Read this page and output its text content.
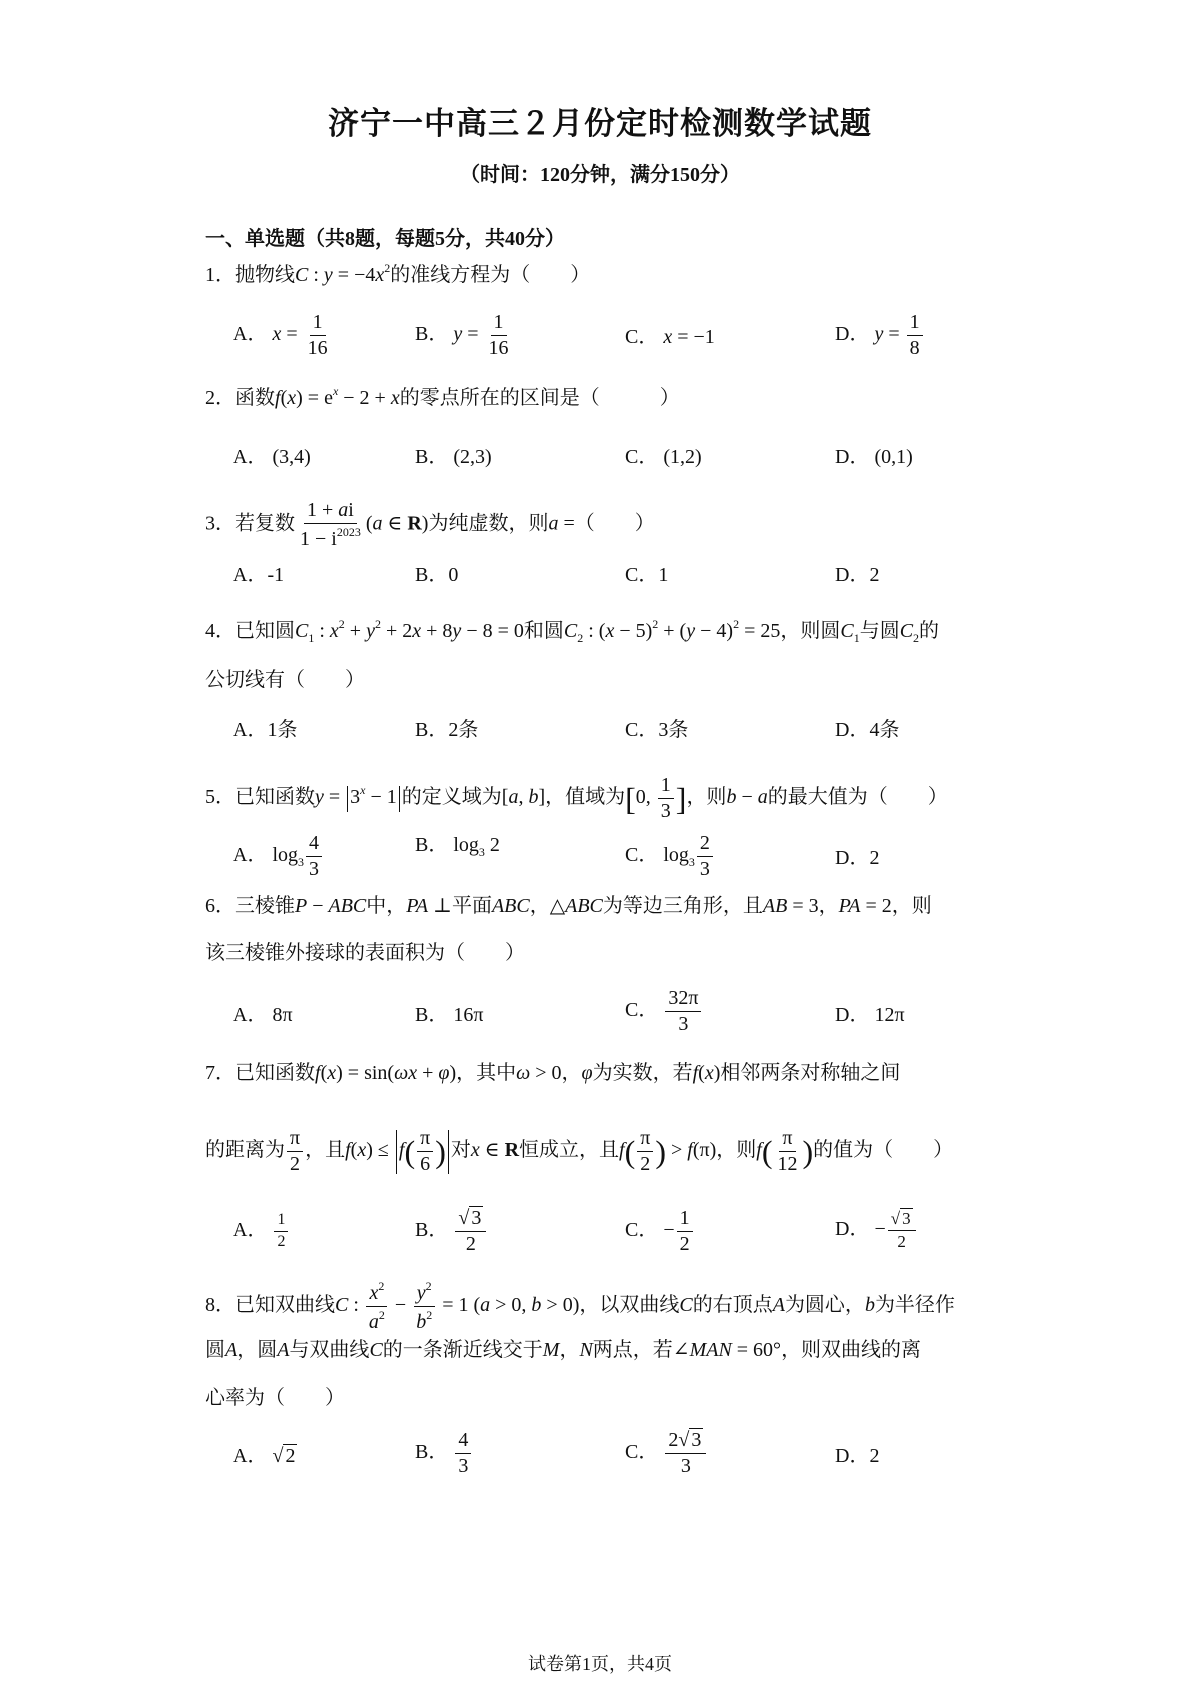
济宁一中高三２月份定时检测数学试题
（时间：120分钟，满分150分）
一、单选题（共8题，每题5分，共40分）
1．抛物线C : $y = -4x^2$的准线方程为（　　）
A． $x = \frac{1}{16}$	B． $y = \frac{1}{16}$	C． x = −1	D． $y = \frac{1}{8}$
2．函数$f(x) = e^x - 2 + x$的零点所在的区间是（　　　）
A． (3,4)	B． (2,3)	C． (1,2)	D． (0,1)
3．若复数 $\frac{1 + ai}{1 - i^{2023}} (a$ ∈ R)为纯虚数，则a =（　　）
A．-1	B．0	C．1	D．2
4．已知圆$C_1$ : $x^2 + y^2 + 2x + 8y - 8 = 0$和圆$C_2$ : $(x - 5)^2 + (y - 4)^2 = 25$，则圆$C_1$与圆$C_2$的
公切线有（　　）
A．1条	B．2条	C．3条	D．4条
5．已知函数$y = 3^x - 1$ 的定义域为[a, b]，值域为[0, $\frac{1}{3}$ ]，则b − a的最大值为（　　）
A． $\log_3 \frac{4}{3}$	B． $\log_3 2$	C． $\log_3 \frac{2}{3}$	D．2
6．三棱锥P − ABC中，PA ⊥平面ABC，△ABC为等边三角形，且AB = 3，PA = 2，则
该三棱锥外接球的表面积为（　　）
A． 8π	B． 16π	C． $\frac{32\pi}{3}$	D． 12π
7．已知函数f(x) = sin(ωx + φ)，其中ω > 0，φ为实数，若f(x)相邻两条对称轴之间
的距离为 $\frac{\pi}{2}$ ，且$f(x) \le f( \frac{\pi}{6}$ ) 对x ∈ R恒成立，且$f( \frac{\pi}{2}$ ) > f(π)，则$f( \frac{\pi}{12}$ )的值为（　　）
A． $\frac{1}{2}$	B． $\frac{√ 3}{2}$	C． − $\frac{1}{2}$	D． − $\frac{√ 3}{2}$
8．已知双曲线C : $\frac{x^2}{a^2} - \frac{y^2}{b^2} = 1$ (a > 0, b > 0)，以双曲线C的右顶点A为圆心，b为半径作
圆A，圆A与双曲线C的一条渐近线交于M，N两点，若∠MAN = 60°，则双曲线的离
心率为（　　）
A． √ 2	B． $\frac{4}{3}$	C． $\frac{2√ 3}{3}$	D．2
试卷第1页，共4页
